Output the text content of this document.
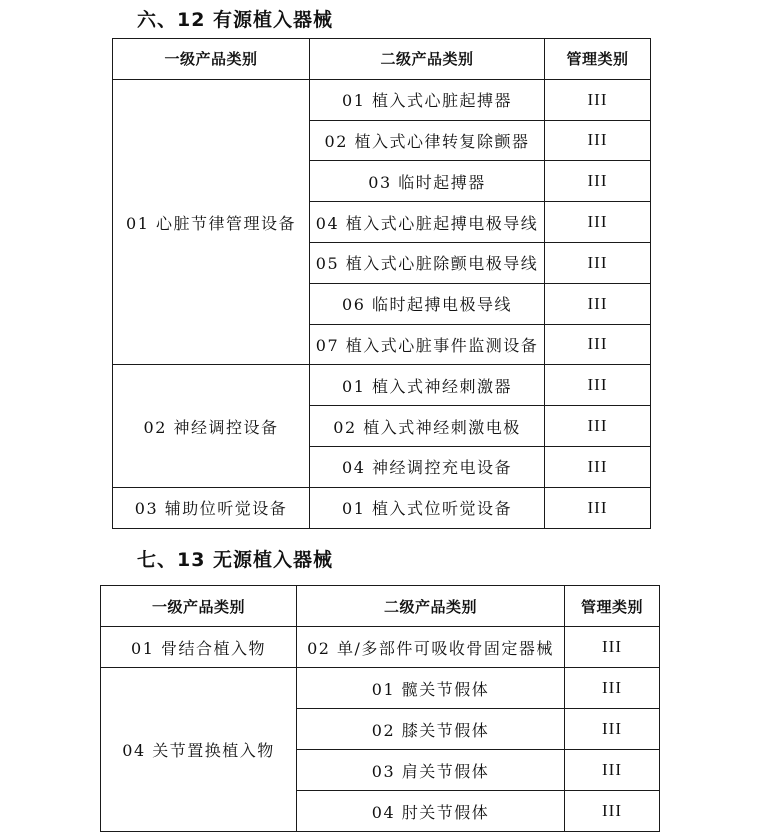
六、12 有源植入器械
一级产品类别	二级产品类别	管理类别
01 心脏节律管理设备	01 植入式心脏起搏器	III
	02 植入式心律转复除颤器	III
	03 临时起搏器	III
	04 植入式心脏起搏电极导线	III
	05 植入式心脏除颤电极导线	III
	06 临时起搏电极导线	III
	07 植入式心脏事件监测设备	III
02 神经调控设备	01 植入式神经刺激器	III
	02 植入式神经刺激电极	III
	04 神经调控充电设备	III
03 辅助位听觉设备	01 植入式位听觉设备	III
七、13 无源植入器械
一级产品类别	二级产品类别	管理类别
01 骨结合植入物	02 单/多部件可吸收骨固定器械	III
04 关节置换植入物	01 髋关节假体	III
	02 膝关节假体	III
	03 肩关节假体	III
	04 肘关节假体	III
